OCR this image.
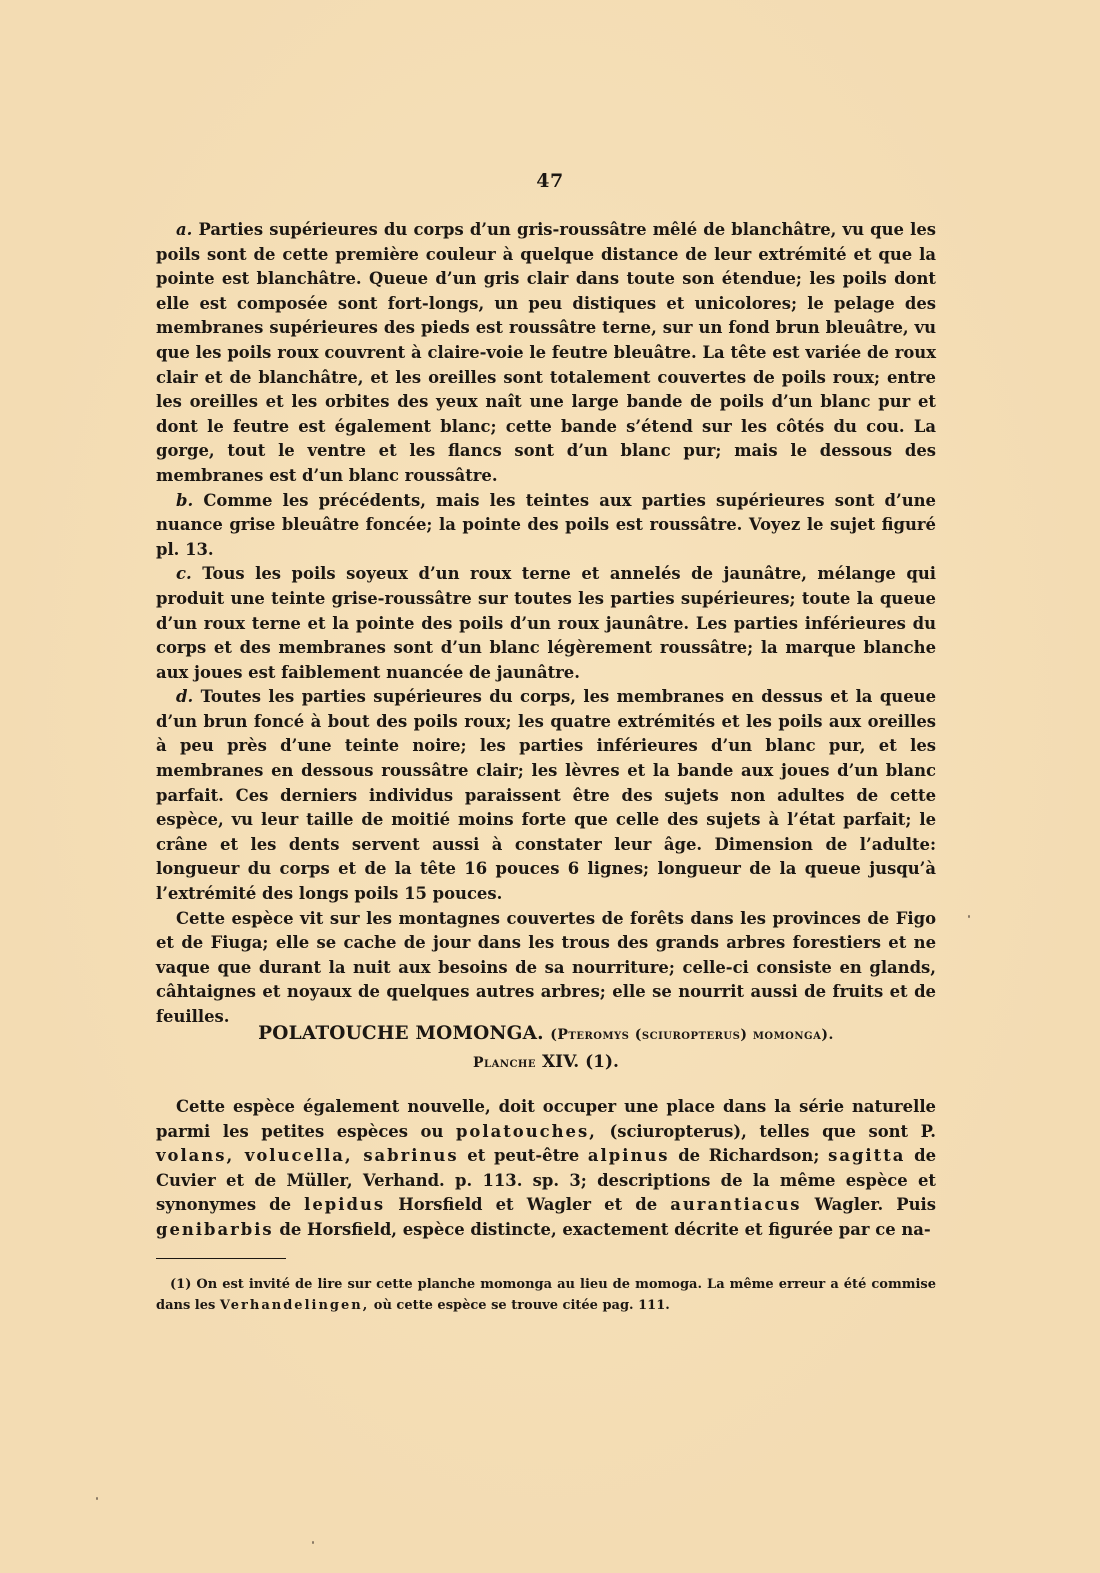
47

a. Parties supérieures du corps d’un gris-roussâtre mêlé de blanchâtre, vu que les poils sont de cette première couleur à quelque distance de leur extrémité et que la pointe est blanchâtre. Queue d’un gris clair dans toute son étendue; les poils dont elle est composée sont fort-longs, un peu distiques et unicolores; le pelage des membranes supérieures des pieds est roussâtre terne, sur un fond brun bleuâtre, vu que les poils roux couvrent à claire-voie le feutre bleuâtre. La tête est variée de roux clair et de blanchâtre, et les oreilles sont totalement couvertes de poils roux; entre les oreilles et les orbites des yeux naît une large bande de poils d’un blanc pur et dont le feutre est également blanc; cette bande s’étend sur les côtés du cou. La gorge, tout le ventre et les flancs sont d’un blanc pur; mais le dessous des membranes est d’un blanc roussâtre.

b. Comme les précédents, mais les teintes aux parties supérieures sont d’une nuance grise bleuâtre foncée; la pointe des poils est roussâtre. Voyez le sujet figuré pl. 13.

c. Tous les poils soyeux d’un roux terne et annelés de jaunâtre, mélange qui produit une teinte grise-roussâtre sur toutes les parties supérieures; toute la queue d’un roux terne et la pointe des poils d’un roux jaunâtre. Les parties inférieures du corps et des membranes sont d’un blanc légèrement roussâtre; la marque blanche aux joues est faiblement nuancée de jaunâtre.

d. Toutes les parties supérieures du corps, les membranes en dessus et la queue d’un brun foncé à bout des poils roux; les quatre extrémités et les poils aux oreilles à peu près d’une teinte noire; les parties inférieures d’un blanc pur, et les membranes en dessous roussâtre clair; les lèvres et la bande aux joues d’un blanc parfait. Ces derniers individus paraissent être des sujets non adultes de cette espèce, vu leur taille de moitié moins forte que celle des sujets à l’état parfait; le crâne et les dents servent aussi à constater leur âge. Dimension de l’adulte: longueur du corps et de la tête 16 pouces 6 lignes; longueur de la queue jusqu’à l’extrémité des longs poils 15 pouces.

Cette espèce vit sur les montagnes couvertes de forêts dans les provinces de Figo et de Fiuga; elle se cache de jour dans les trous des grands arbres forestiers et ne vaque que durant la nuit aux besoins de sa nourriture; celle-ci consiste en glands, câhtaignes et noyaux de quelques autres arbres; elle se nourrit aussi de fruits et de feuilles.

POLATOUCHE MOMONGA. (Pteromys (sciuropterus) momonga).
Planche XIV. (1).

Cette espèce également nouvelle, doit occuper une place dans la série naturelle parmi les petites espèces ou polatouches, (sciuropterus), telles que sont P. volans, volucella, sabrinus et peut-être alpinus de Richardson; sagitta de Cuvier et de Müller, Verhand. p. 113. sp. 3; descriptions de la même espèce et synonymes de lepidus Horsfield et Wagler et de aurantiacus Wagler. Puis genibarbis de Horsfield, espèce distincte, exactement décrite et figurée par ce na-

(1) On est invité de lire sur cette planche momonga au lieu de momoga. La même erreur a été commise dans les Verhandelingen, où cette espèce se trouve citée pag. 111.
